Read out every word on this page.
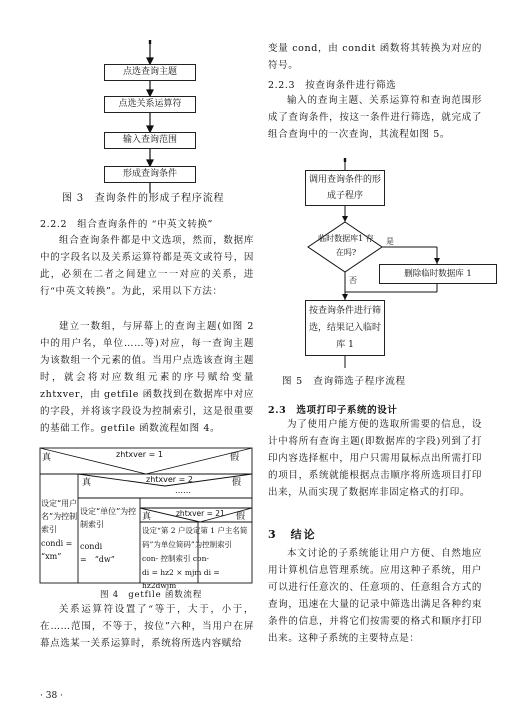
点选查询主题
点选关系运算符
输入查询范围
形成查询条件
图 3　查询条件的形成子程序流程
2.2.2　组合查询条件的 “中英文转换”
组合查询条件都是中文选项，然而，数据库中的字段名以及关系运算符都是英文或符号，因此，必须在二者之间建立一一对应的关系，进行“中英文转换”。为此，采用以下方法：
建立一数组，与屏幕上的查询主题(如图 2 中的用户名，单位……等)对应，每一查询主题为该数组一个元素的值。当用户点选该查询主题时，就会将对应数组元素的序号赋给变量 zhtxver，由 getfile 函数找到在数据库中对应的字段，并将该字段设为控制索引，这是很重要的基础工作。getfile 函数流程如图 4。
真	zhtxver = 1	假
真	zhtxver = 2	假
……
真	zhtxver = 21 假
设定“用户名”为控制索引
condi = “xm”
设定“单位”为控制索引
condi　=　“dw”
设定“第 2 户设定第 1 户主名简码”为单位简码”为控制索引 con- 控制索引 con-
di = hz2 × mjm di = hz2dwjm
图 4　getfile 函数流程
关系运算符设置了“等于，大于，小于，在……范围，不等于，按位”六种，当用户在屏幕点选某一关系运算时，系统将所选内容赋给
· 38 ·
变量 cond，由 condit 函数将其转换为对应的符号。
2.2.3　按查询条件进行筛选
输入的查询主题、关系运算符和查询范围形成了查询条件，按这一条件进行筛选，就完成了组合查询中的一次查询，其流程如图 5。
调用查询条件的形成子程序
临时数据库1 存在吗?
是
否
删除临时数据库 1
按查询条件进行筛选，结果记入临时库 1
图 5　查询筛选子程序流程
2.3　选项打印子系统的设计
为了使用户能方便的选取所需要的信息，设计中将所有查询主题(即数据库的字段)列到了打印内容选择框中，用户只需用鼠标点出所需打印的项目，系统就能根据点击顺序将所选项目打印出来，从而实现了数据库非固定格式的打印。
3　结论
本文讨论的子系统能让用户方便、自然地应用计算机信息管理系统。应用这种子系统，用户可以进行任意次的、任意项的、任意组合方式的查询，迅速在大量的记录中筛选出满足各种约束条件的信息，并将它们按需要的格式和顺序打印出来。这种子系统的主要特点是：
